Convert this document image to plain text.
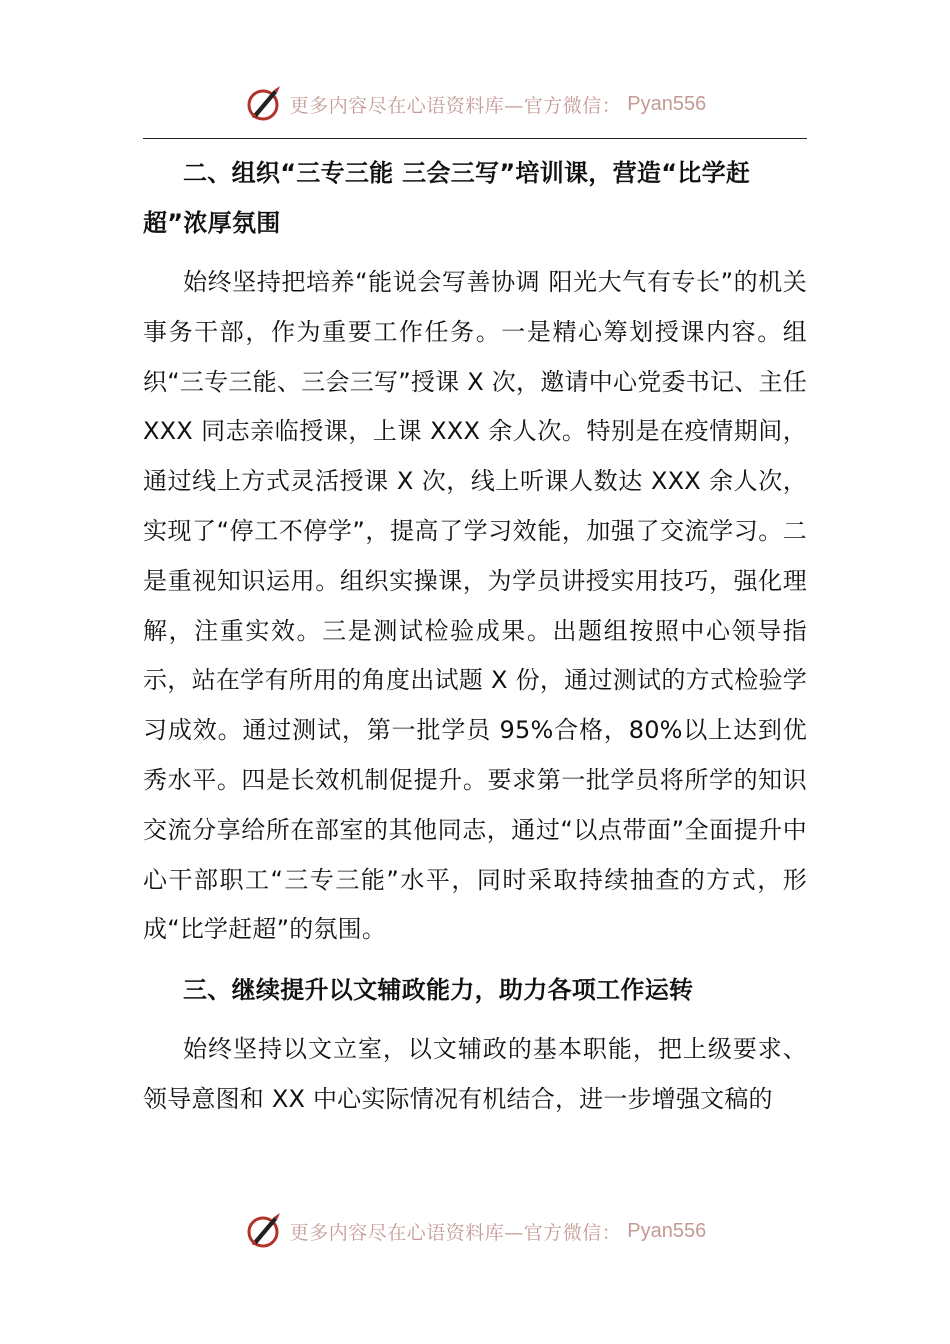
更多内容尽在心语资料库—官方微信： Pyan556

二、组织“三专三能 三会三写”培训课，营造“比学赶超”浓厚氛围

始终坚持把培养“能说会写善协调 阳光大气有专长”的机关事务干部，作为重要工作任务。一是精心筹划授课内容。组织“三专三能、三会三写”授课 X 次，邀请中心党委书记、主任 XXX 同志亲临授课，上课 XXX 余人次。特别是在疫情期间，通过线上方式灵活授课 X 次，线上听课人数达 XXX 余人次，实现了“停工不停学”，提高了学习效能，加强了交流学习。二是重视知识运用。组织实操课，为学员讲授实用技巧，强化理解，注重实效。三是测试检验成果。出题组按照中心领导指示，站在学有所用的角度出试题 X 份，通过测试的方式检验学习成效。通过测试，第一批学员 95%合格，80%以上达到优秀水平。四是长效机制促提升。要求第一批学员将所学的知识交流分享给所在部室的其他同志，通过“以点带面”全面提升中心干部职工“三专三能”水平，同时采取持续抽查的方式，形成“比学赶超”的氛围。

三、继续提升以文辅政能力，助力各项工作运转

始终坚持以文立室，以文辅政的基本职能，把上级要求、领导意图和 XX 中心实际情况有机结合，进一步增强文稿的

更多内容尽在心语资料库—官方微信： Pyan556
